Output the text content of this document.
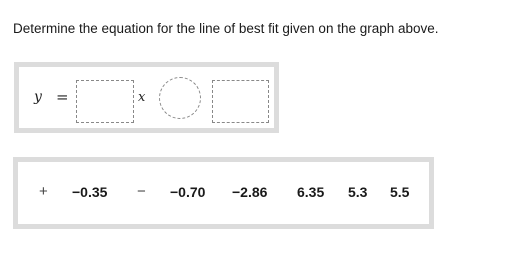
Determine the equation for the line of best fit given on the graph above.
y =	x
+ −0.35 − −0.70 −2.86 6.35 5.3 5.5
